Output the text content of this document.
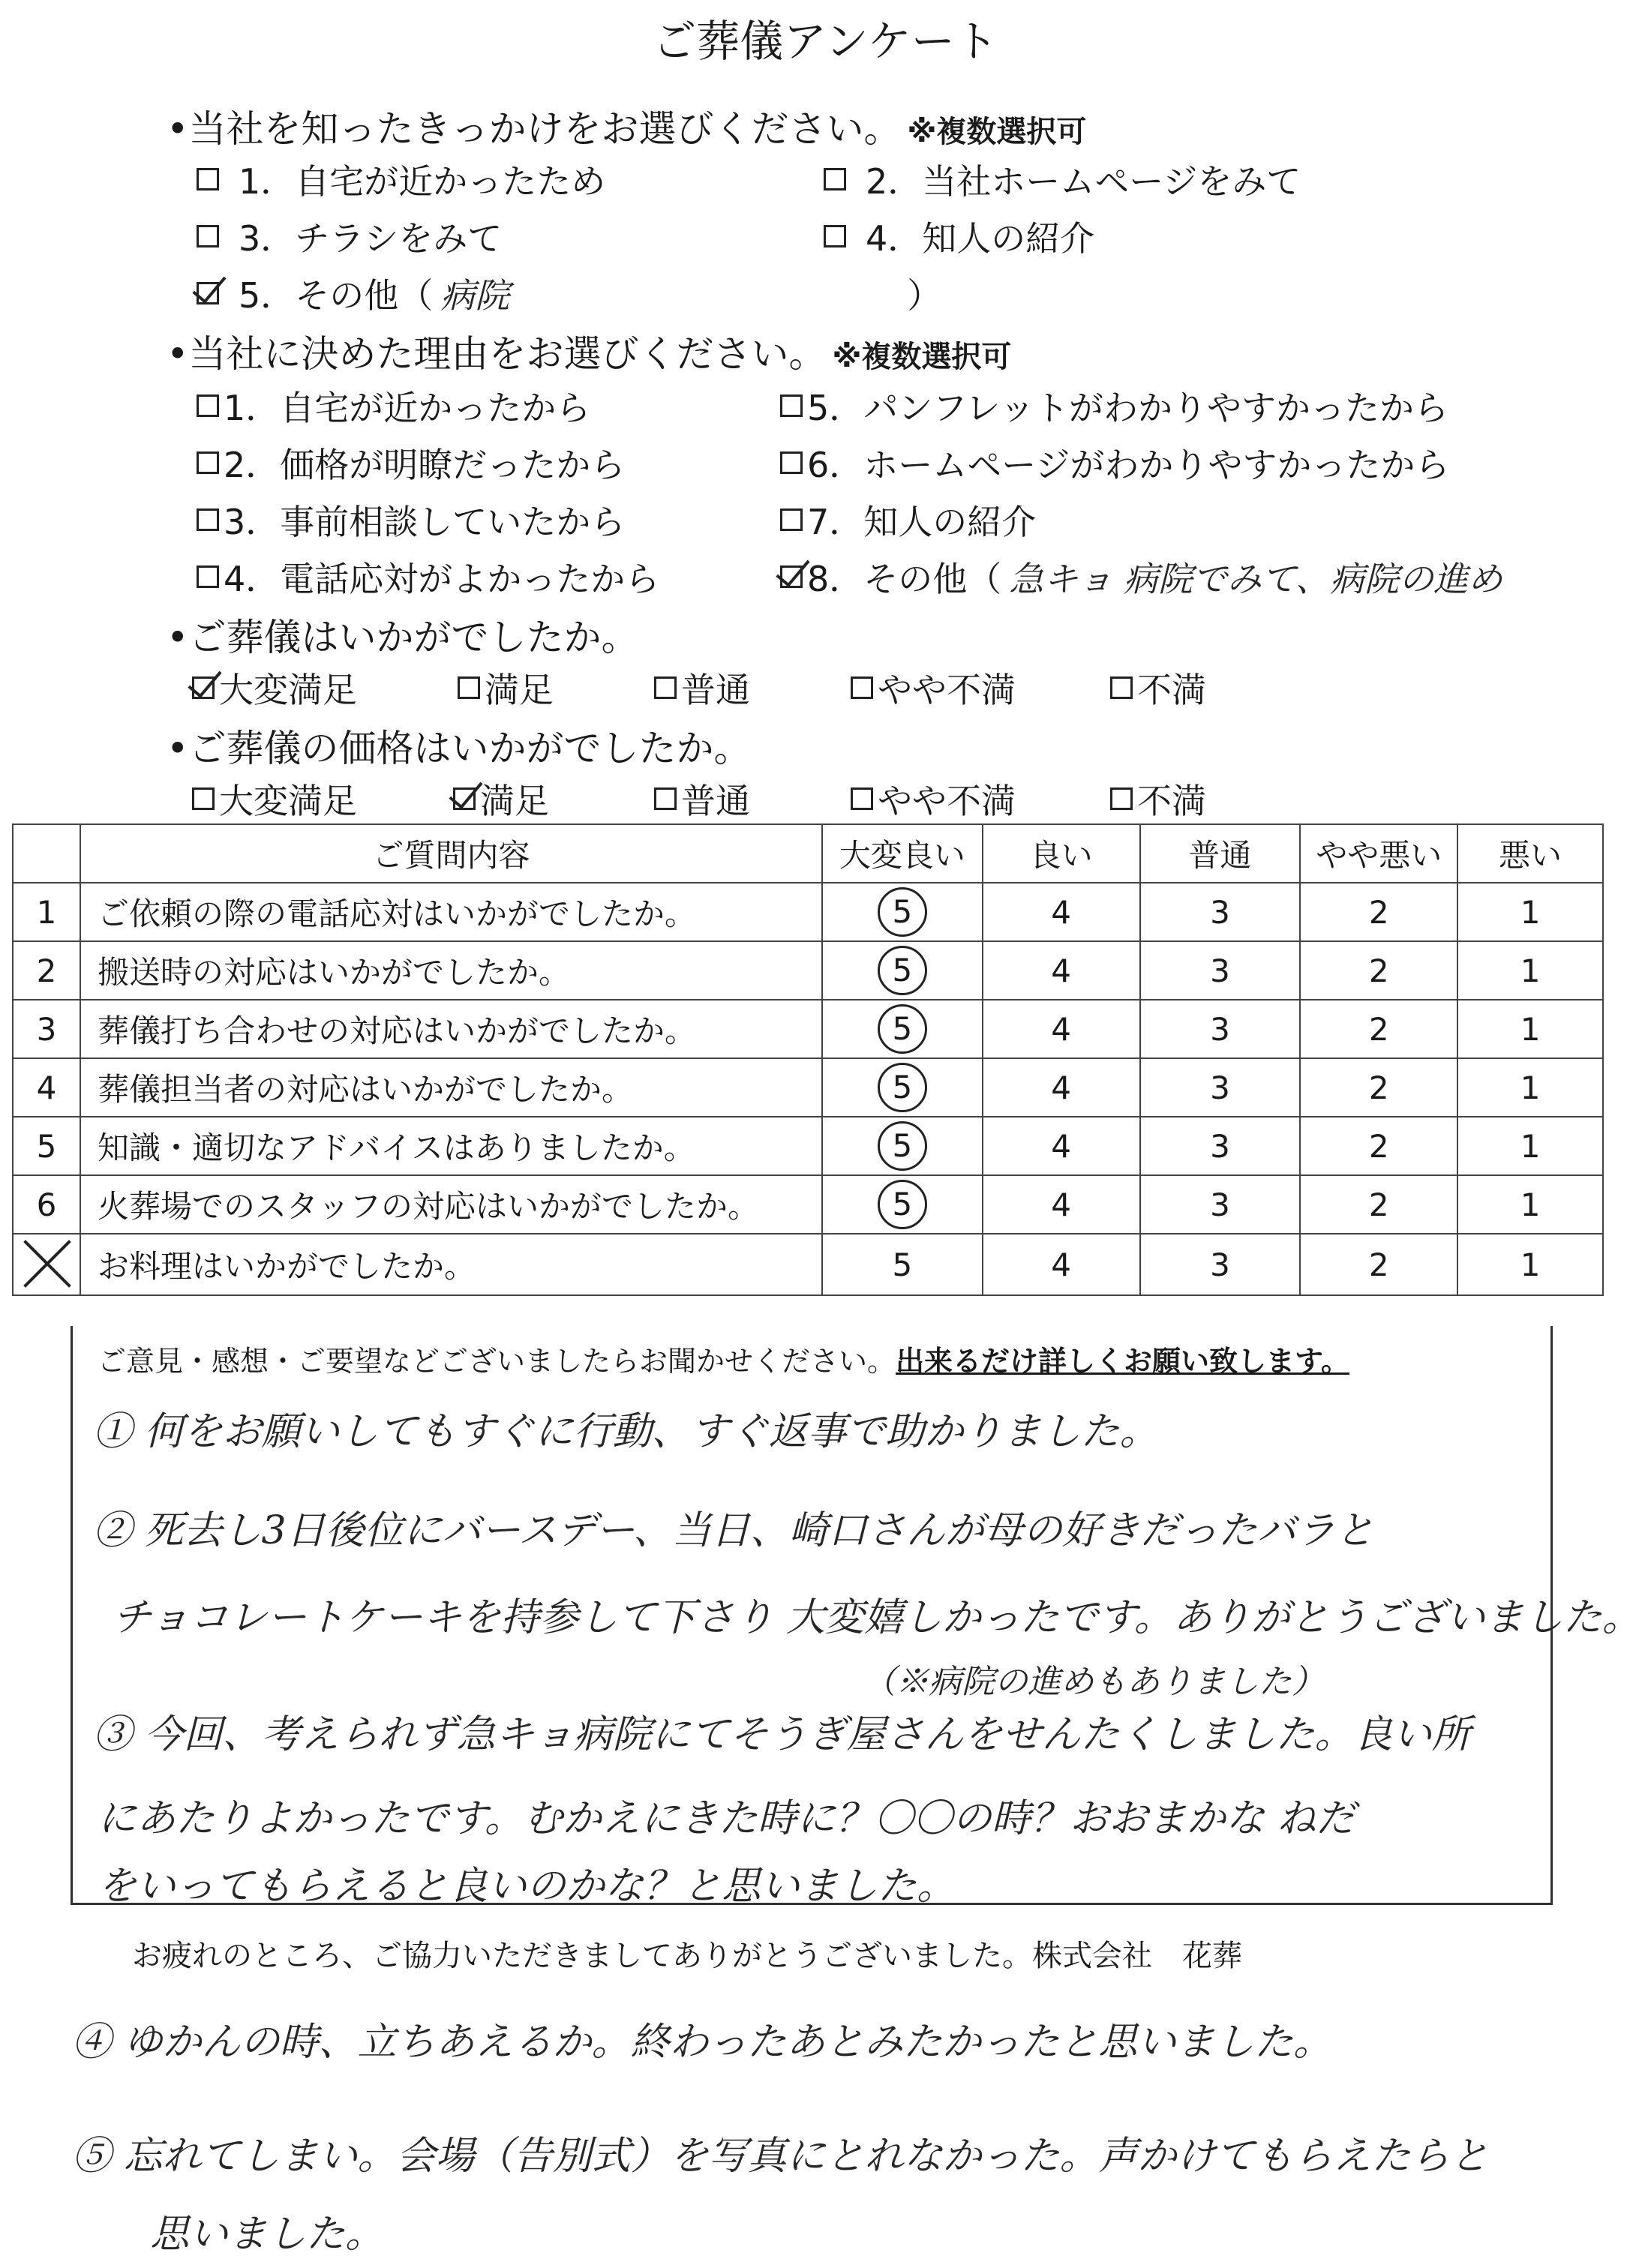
ご葬儀アンケート
•当社を知ったきっかけをお選びください。 ※複数選択可
1．自宅が近かったため	2．当社ホームページをみて
3．チラシをみて	4．知人の紹介
5．その他（ 病院	）
•当社に決めた理由をお選びください。 ※複数選択可
1．自宅が近かったから
2．価格が明瞭だったから
3．事前相談していたから
4．電話応対がよかったから
5．パンフレットがわかりやすかったから
6．ホームページがわかりやすかったから
7．知人の紹介
8．その他（ 急キョ 病院でみて、病院の進め
•ご葬儀はいかがでしたか。
大変満足	満足	普通	やや不満	不満
•ご葬儀の価格はいかがでしたか。
大変満足	満足	普通	やや不満	不満
	ご質問内容	大変良い	良い	普通	やや悪い	悪い
1	ご依頼の際の電話応対はいかがでしたか。	5	4	3	2	1
2	搬送時の対応はいかがでしたか。	5	4	3	2	1
3	葬儀打ち合わせの対応はいかがでしたか。	5	4	3	2	1
4	葬儀担当者の対応はいかがでしたか。	5	4	3	2	1
5	知識・適切なアドバイスはありましたか。	5	4	3	2	1
6	火葬場でのスタッフの対応はいかがでしたか。	5	4	3	2	1
	お料理はいかがでしたか。	5	4	3	2	1
ご意見・感想・ご要望などございましたらお聞かせください。出来るだけ詳しくお願い致します。
① 何をお願いしてもすぐに行動、すぐ返事で助かりました。
② 死去し3日後位にバースデー、当日、崎口さんが母の好きだったバラと
チョコレートケーキを持参して下さり 大変嬉しかったです。ありがとうございました。
（※病院の進めもありました）
③ 今回、考えられず急キョ病院にてそうぎ屋さんをせんたくしました。良い所
にあたりよかったです。むかえにきた時に？〇〇の時？おおまかな ねだ
をいってもらえると良いのかな？と思いました。
お疲れのところ、ご協力いただきましてありがとうございました。株式会社　花葬
④ ゆかんの時、立ちあえるか。終わったあとみたかったと思いました。
⑤ 忘れてしまい。会場（告別式）を写真にとれなかった。声かけてもらえたらと
思いました。
